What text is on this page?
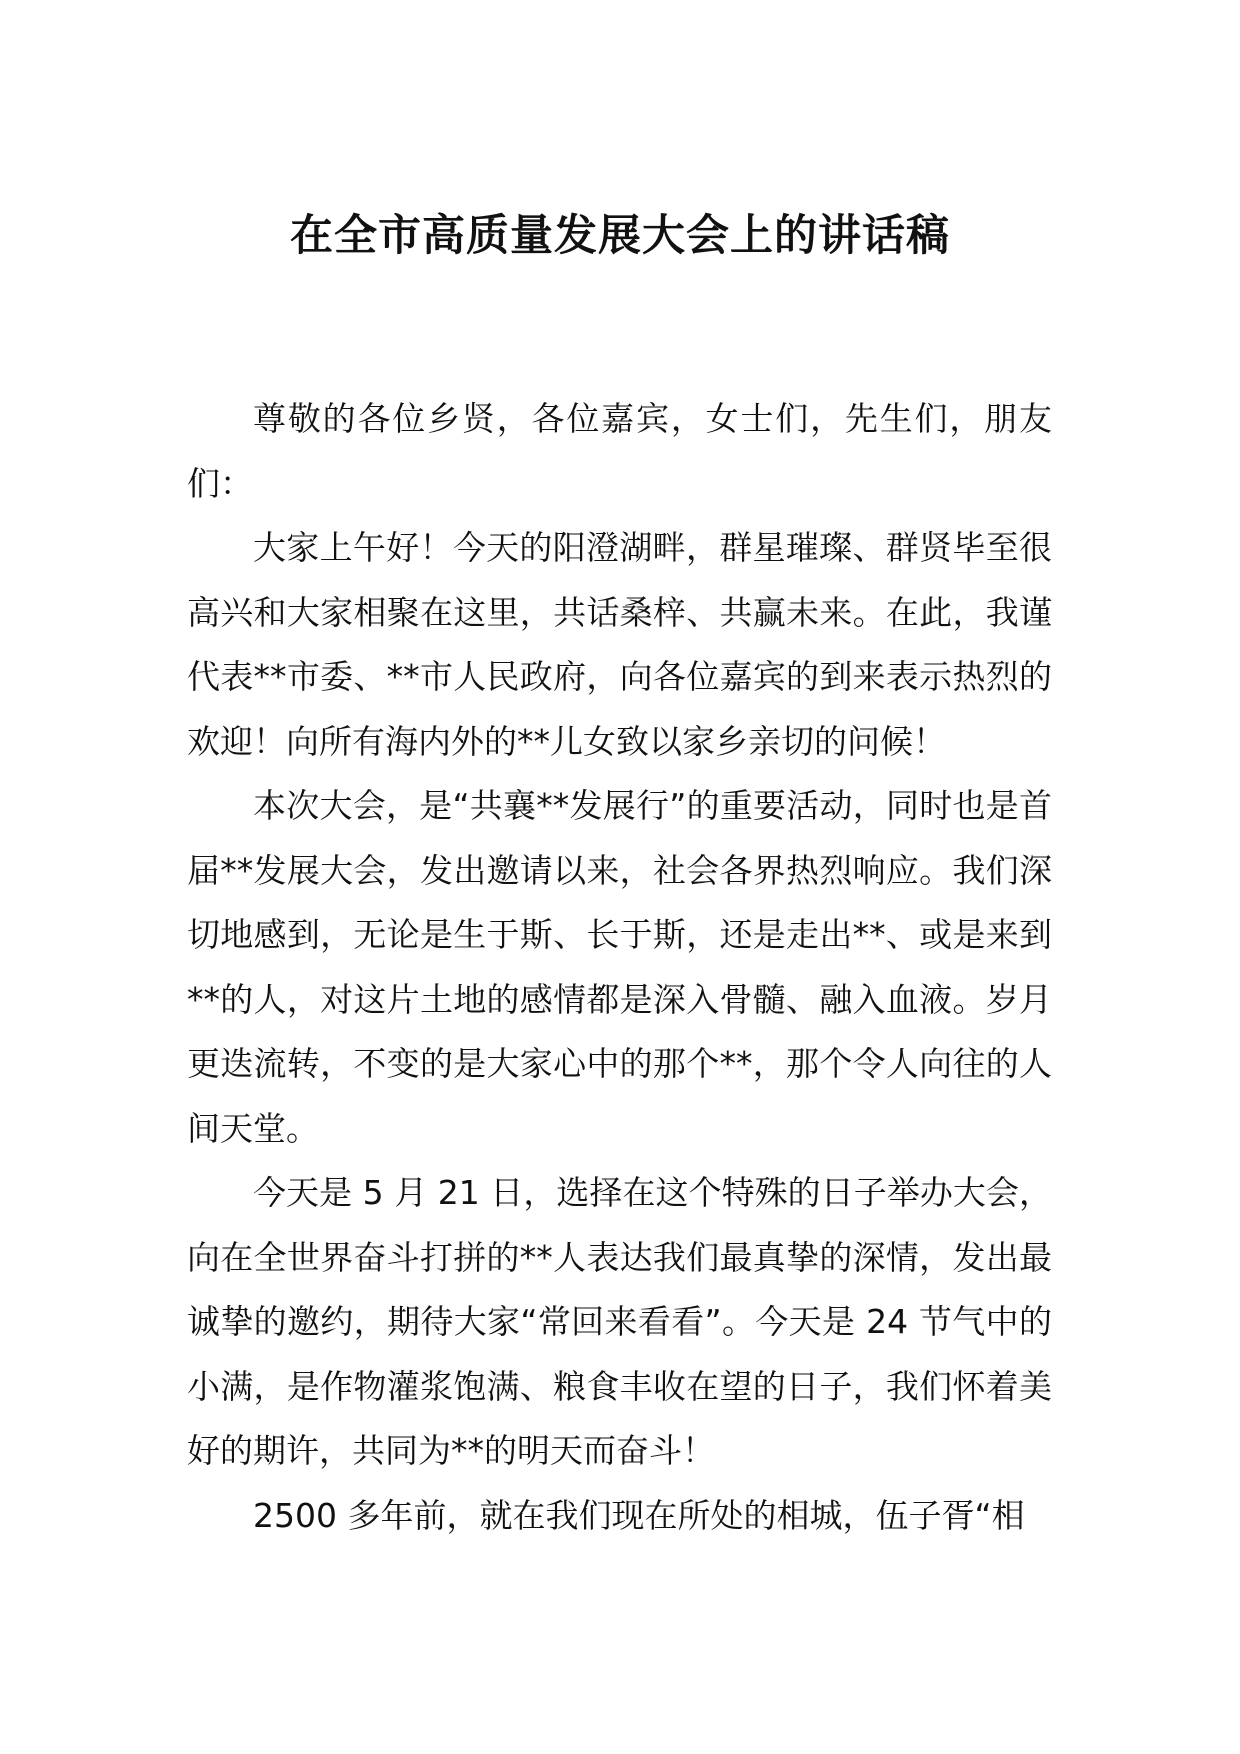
在全市高质量发展大会上的讲话稿

尊敬的各位乡贤，各位嘉宾，女士们，先生们，朋友们：

大家上午好！今天的阳澄湖畔，群星璀璨、群贤毕至很高兴和大家相聚在这里，共话桑梓、共赢未来。在此，我谨代表**市委、**市人民政府，向各位嘉宾的到来表示热烈的欢迎！向所有海内外的**儿女致以家乡亲切的问候！

本次大会，是“共襄**发展行”的重要活动，同时也是首届**发展大会，发出邀请以来，社会各界热烈响应。我们深切地感到，无论是生于斯、长于斯，还是走出**、或是来到**的人，对这片土地的感情都是深入骨髓、融入血液。岁月更迭流转，不变的是大家心中的那个**，那个令人向往的人间天堂。

今天是 5 月 21 日，选择在这个特殊的日子举办大会，向在全世界奋斗打拼的**人表达我们最真挚的深情，发出最诚挚的邀约，期待大家“常回来看看”。今天是 24 节气中的小满，是作物灌浆饱满、粮食丰收在望的日子，我们怀着美好的期许，共同为**的明天而奋斗！

2500 多年前，就在我们现在所处的相城，伍子胥“相
